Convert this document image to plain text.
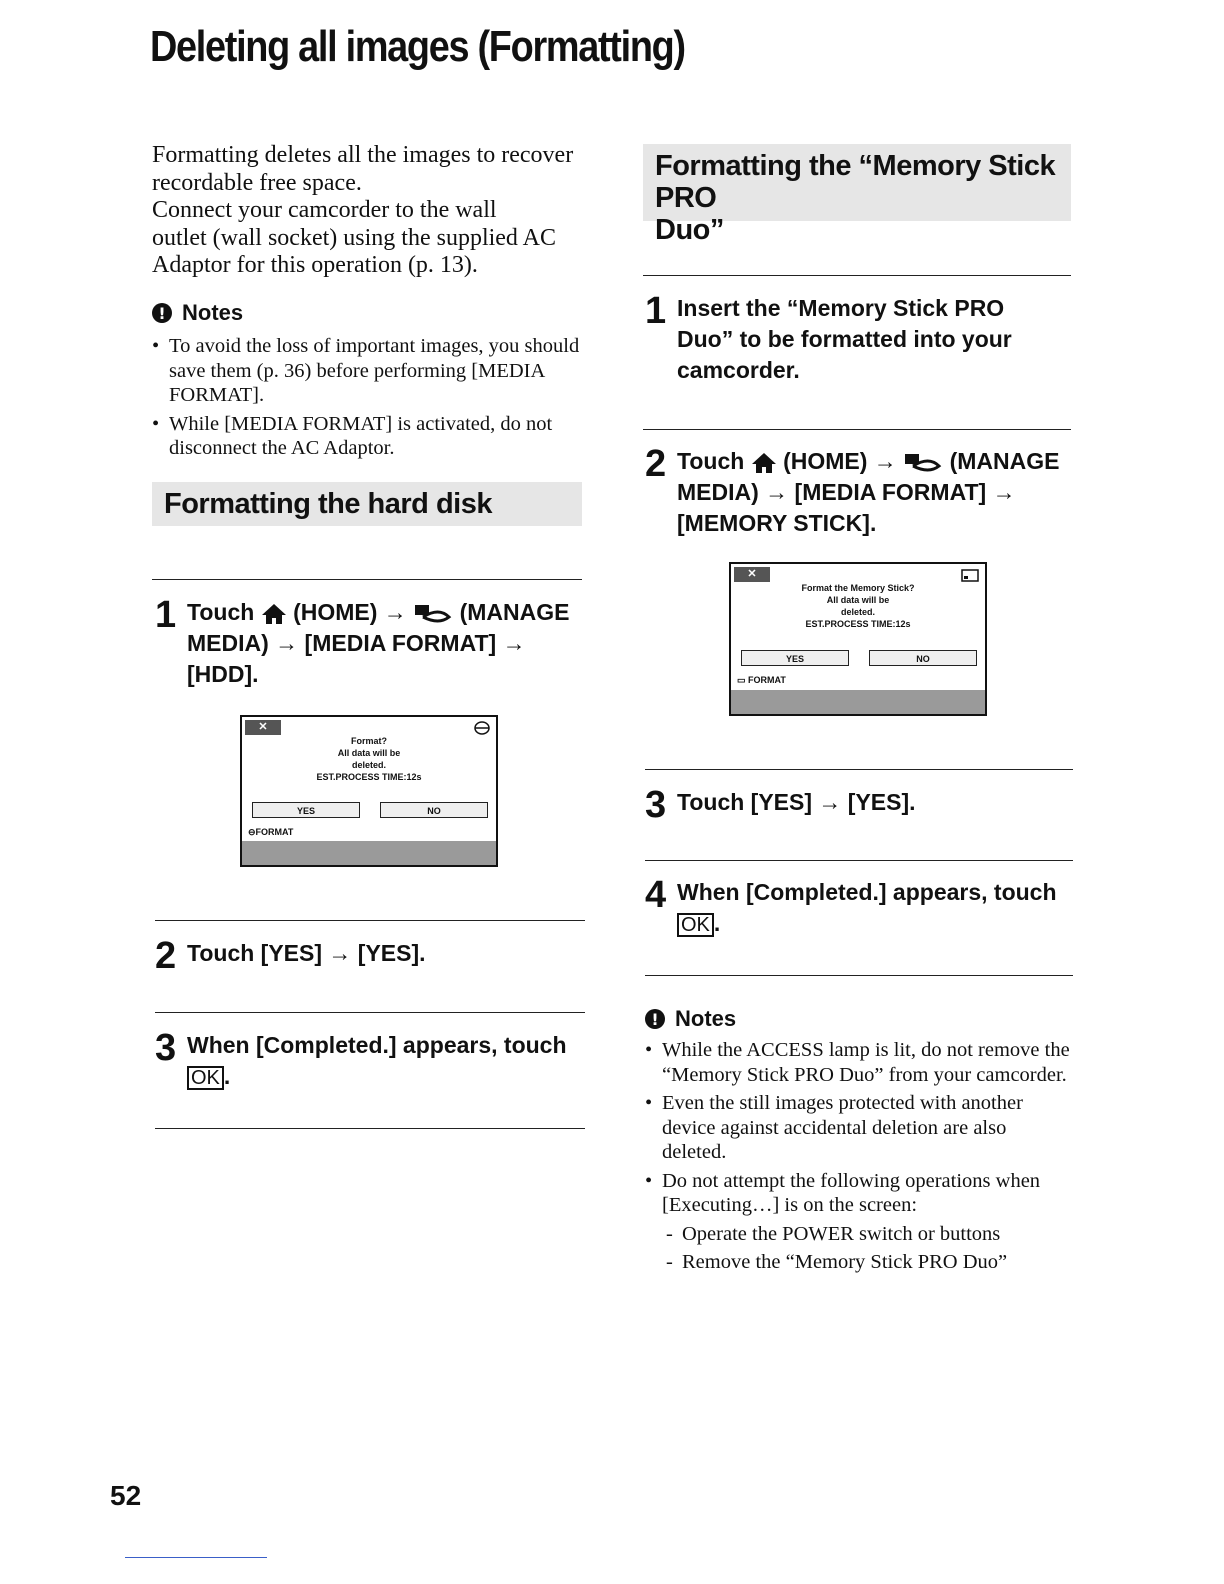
Deleting all images (Formatting)
Formatting deletes all the images to recover
recordable free space.
Connect your camcorder to the wall
outlet (wall socket) using the supplied AC
Adaptor for this operation (p. 13).
! Notes
• To avoid the loss of important images, you should save them (p. 36) before performing [MEDIA FORMAT].
• While [MEDIA FORMAT] is activated, do not disconnect the AC Adaptor.
Formatting the hard disk
1 Touch (HOME) → (MANAGE
MEDIA) → [MEDIA FORMAT] →
[HDD].
✕
Format?
All data will be
deleted.
EST.PROCESS TIME:12s
YES	NO
⊖FORMAT
2 Touch [YES] → [YES].
3 When [Completed.] appears, touch
OK .
Formatting the “Memory Stick PRO
Duo”
1 Insert the “Memory Stick PRO
Duo” to be formatted into your
camcorder.
2 Touch (HOME) → (MANAGE
MEDIA) → [MEDIA FORMAT] →
[MEMORY STICK].
✕
Format the Memory Stick?
All data will be
deleted.
EST.PROCESS TIME:12s
YES	NO
▭ FORMAT
3 Touch [YES] → [YES].
4 When [Completed.] appears, touch
OK .
! Notes
• While the ACCESS lamp is lit, do not remove the “Memory Stick PRO Duo” from your camcorder.
• Even the still images protected with another device against accidental deletion are also deleted.
• Do not attempt the following operations when [Executing…] is on the screen:
- Operate the POWER switch or buttons
- Remove the “Memory Stick PRO Duo”
52
